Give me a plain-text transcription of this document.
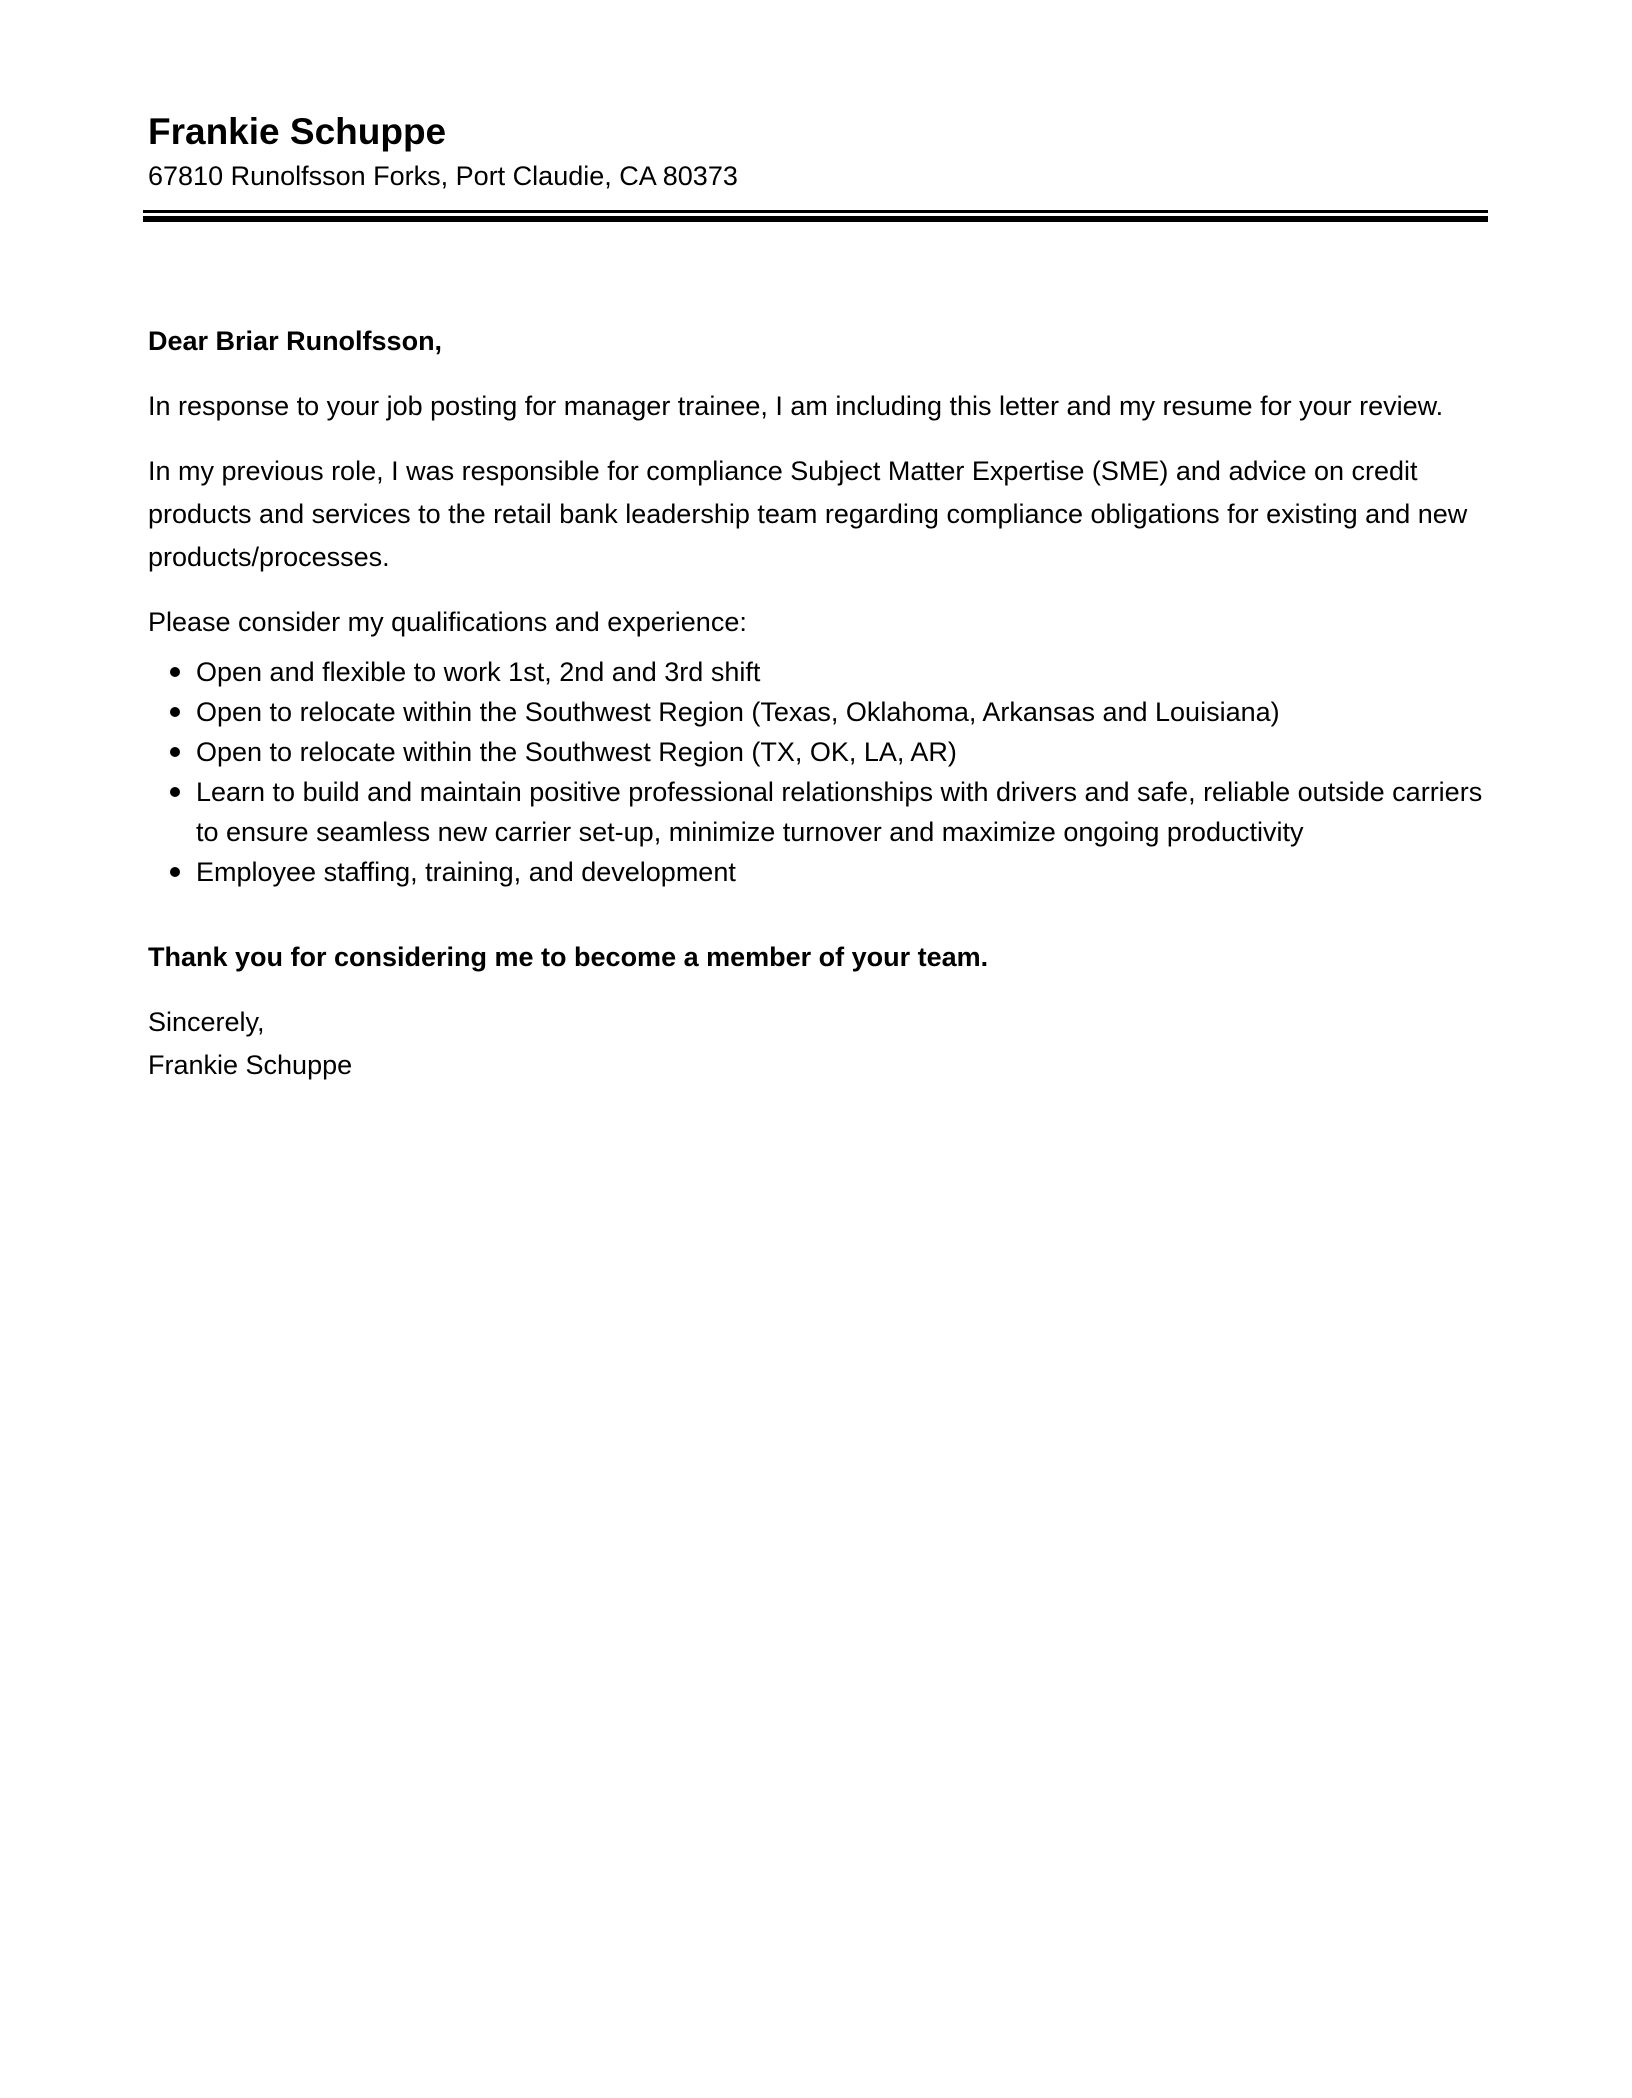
Frankie Schuppe

67810 Runolfsson Forks, Port Claudie, CA 80373

Dear Briar Runolfsson,

In response to your job posting for manager trainee, I am including this letter and my resume for your review.

In my previous role, I was responsible for compliance Subject Matter Expertise (SME) and advice on credit products and services to the retail bank leadership team regarding compliance obligations for existing and new products/processes.

Please consider my qualifications and experience:

Open and flexible to work 1st, 2nd and 3rd shift
Open to relocate within the Southwest Region (Texas, Oklahoma, Arkansas and Louisiana)
Open to relocate within the Southwest Region (TX, OK, LA, AR)
Learn to build and maintain positive professional relationships with drivers and safe, reliable outside carriers to ensure seamless new carrier set-up, minimize turnover and maximize ongoing productivity
Employee staffing, training, and development

Thank you for considering me to become a member of your team.

Sincerely,

Frankie Schuppe
